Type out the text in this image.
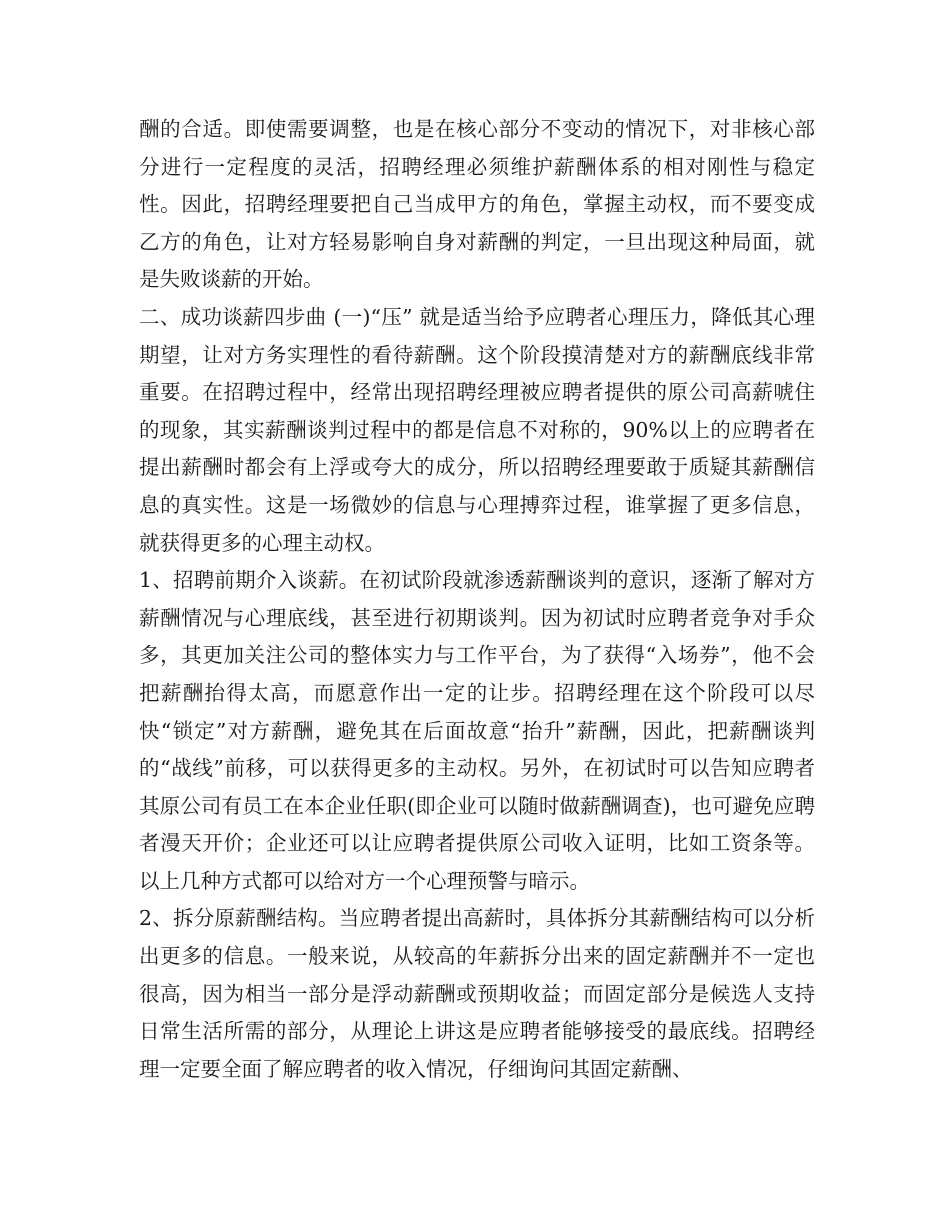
酬的合适。即使需要调整，也是在核心部分不变动的情况下，对非核心部分进行一定程度的灵活，招聘经理必须维护薪酬体系的相对刚性与稳定性。因此，招聘经理要把自己当成甲方的角色，掌握主动权，而不要变成乙方的角色，让对方轻易影响自身对薪酬的判定，一旦出现这种局面，就是失败谈薪的开始。

二、成功谈薪四步曲 (一)“压” 就是适当给予应聘者心理压力，降低其心理期望，让对方务实理性的看待薪酬。这个阶段摸清楚对方的薪酬底线非常重要。在招聘过程中，经常出现招聘经理被应聘者提供的原公司高薪唬住的现象，其实薪酬谈判过程中的都是信息不对称的，90%以上的应聘者在提出薪酬时都会有上浮或夸大的成分，所以招聘经理要敢于质疑其薪酬信息的真实性。这是一场微妙的信息与心理搏弈过程，谁掌握了更多信息，就获得更多的心理主动权。

1、招聘前期介入谈薪。在初试阶段就渗透薪酬谈判的意识，逐渐了解对方薪酬情况与心理底线，甚至进行初期谈判。因为初试时应聘者竞争对手众多，其更加关注公司的整体实力与工作平台，为了获得“入场券”，他不会把薪酬抬得太高，而愿意作出一定的让步。招聘经理在这个阶段可以尽快“锁定”对方薪酬，避免其在后面故意“抬升”薪酬，因此，把薪酬谈判的“战线”前移，可以获得更多的主动权。另外，在初试时可以告知应聘者其原公司有员工在本企业任职(即企业可以随时做薪酬调查)，也可避免应聘者漫天开价；企业还可以让应聘者提供原公司收入证明，比如工资条等。以上几种方式都可以给对方一个心理预警与暗示。

2、拆分原薪酬结构。当应聘者提出高薪时，具体拆分其薪酬结构可以分析出更多的信息。一般来说，从较高的年薪拆分出来的固定薪酬并不一定也很高，因为相当一部分是浮动薪酬或预期收益；而固定部分是候选人支持日常生活所需的部分，从理论上讲这是应聘者能够接受的最底线。招聘经理一定要全面了解应聘者的收入情况，仔细询问其固定薪酬、
